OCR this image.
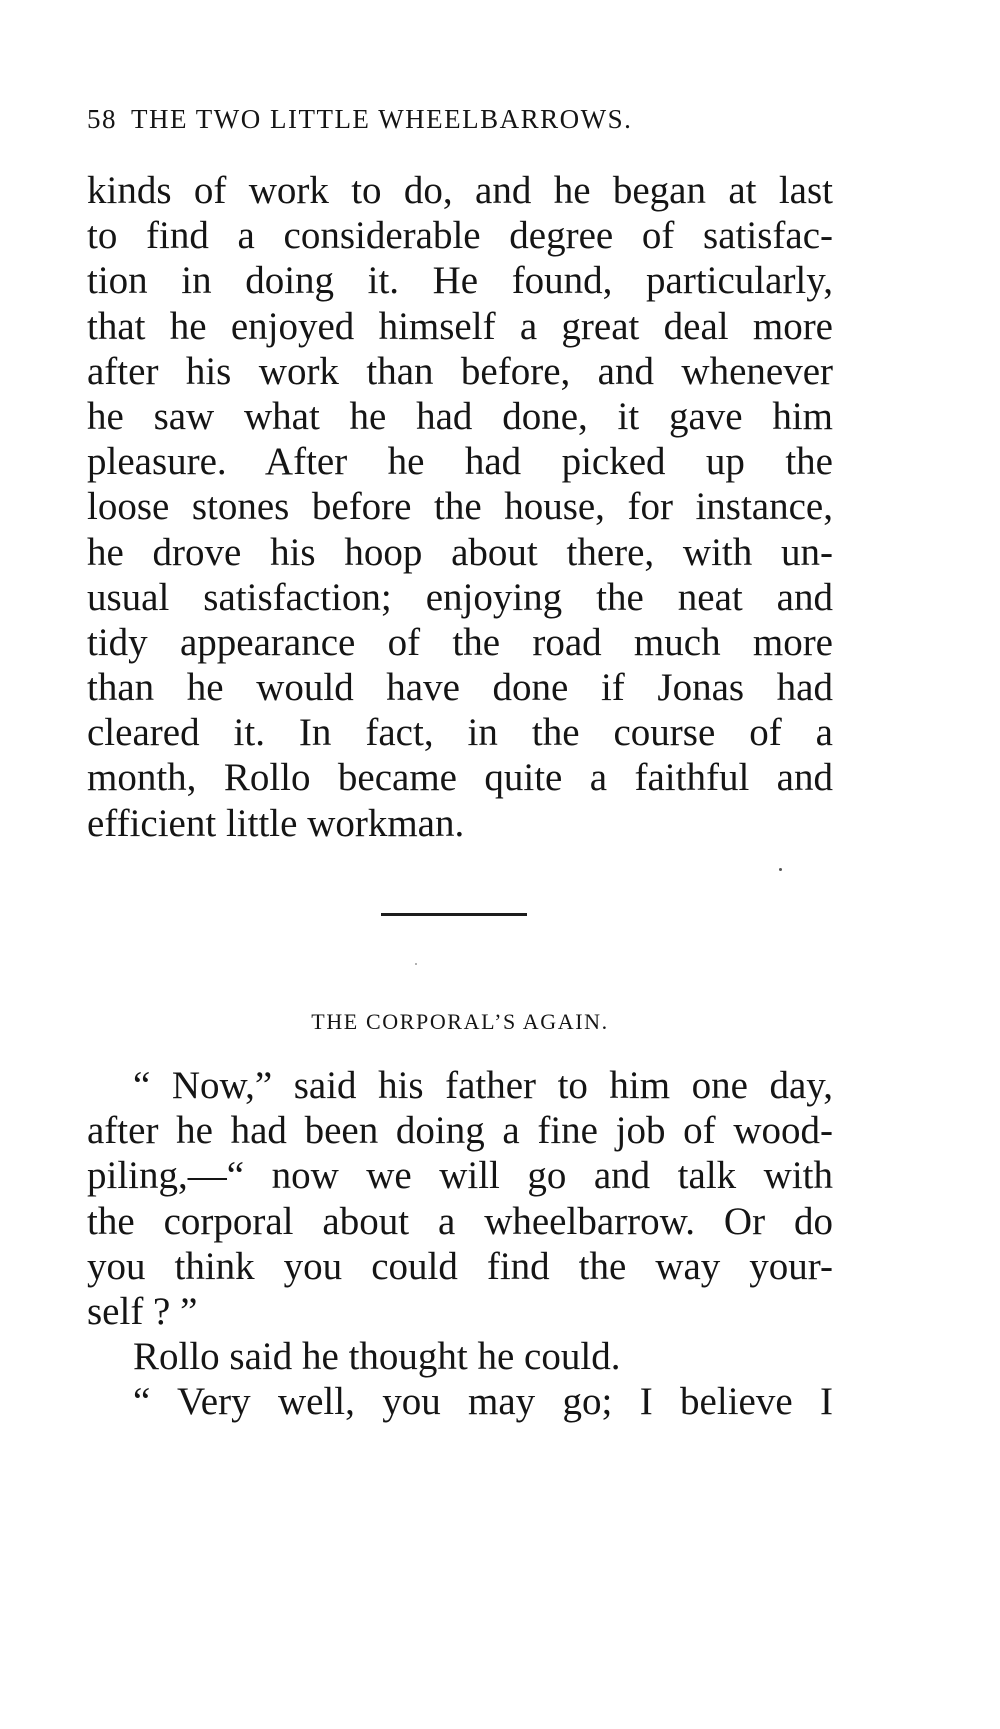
58 THE TWO LITTLE WHEELBARROWS.
kinds of work to do, and he began at last
to find a considerable degree of satisfac-
tion in doing it. He found, particularly,
that he enjoyed himself a great deal more
after his work than before, and whenever
he saw what he had done, it gave him
pleasure. After he had picked up the
loose stones before the house, for instance,
he drove his hoop about there, with un-
usual satisfaction; enjoying the neat and
tidy appearance of the road much more
than he would have done if Jonas had
cleared it. In fact, in the course of a
month, Rollo became quite a faithful and
efficient little workman.
THE CORPORAL’S AGAIN.
“ Now,” said his father to him one day,
after he had been doing a fine job of wood-
piling,—“ now we will go and talk with
the corporal about a wheelbarrow. Or do
you think you could find the way your-
self ? ”
Rollo said he thought he could.
“ Very well, you may go; I believe I
